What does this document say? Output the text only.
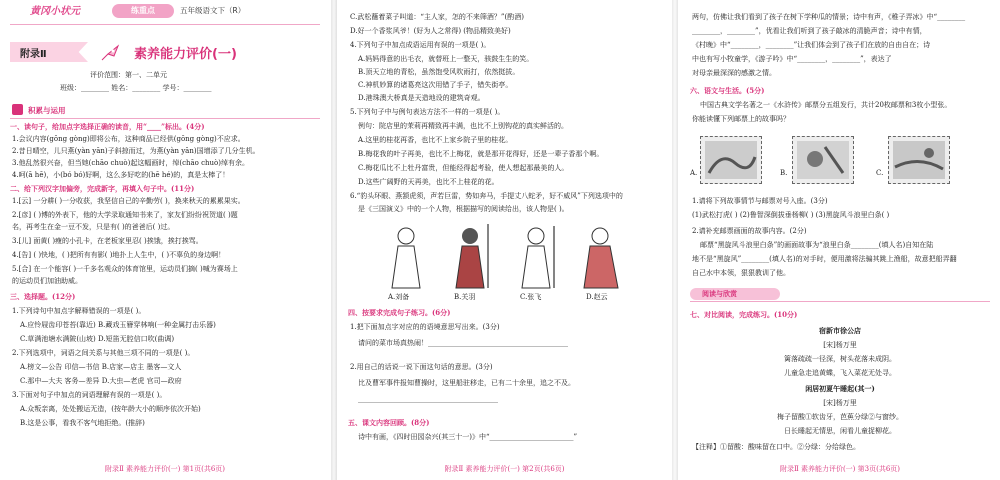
黄冈小状元	练重点	五年级语文下（R）
附录Ⅱ	素养能力评价(一)
评价范围：第一、二单元
班级：________ 姓名：________ 学号：________
积累与运用
一、读句子，给加点字选择正确的读音，用“____”标出。(4分)
1.会议内容(gōng gòng)即将公布，这种商品已经供(gōng gòng)不应求。
2.昔日晴空，儿只燕(yàn yān)子斜掠而过，为燕(yàn yān)国增添了几分生机。
3.他乱然很兴奋，但当她(chāo chuò)起这幅画时，绰(chāo chuò)绰有余。
4.呵(ā hē)，小(bó bó)好啊，这么多好吃的(hē hé)的，真是太棒了！
二、给下列汉字加偏旁，完成新字，再填入句子中。(11分)
1.[云] 一分耕( )一分收获，我坚信自己的辛勤劳( )，换来秋天的累累果实。
2.[彦] ( )博的外表下，他的大学录取通知书来了，家友们纷纷祝贺道( )题
名，再考生在金一豆不发，只是有( )的爸爸后( )过。
3.[儿] 面黄( )瘦的小孔卡，在老板家里忍( )挨饿，挨打挨骂。
4.[告] ( )快地，( )把所有有影( )地扑上人生中，( )不辜负的身边啊！
5.[合] 在一个能容( )一千多名观众的体育馆里，运动员们摘( )喊为赛场上
的运动员们加油助威。
三、选择题。(12分)
1.下列诗句中加点字解释错误的一项是( )。
A.应怜屐齿印苍苔(靠近) B.藏戏玉簪穿林响(一种金属打击乐器)
C.草满池塘水满陂(山坡) D.短笛无腔信口吹(曲调)
2.下列选项中，词语之间关系与其他三项不同的一项是( )。
A.榜文—公告 印信—书信 B.店家—店主 墨客—文人
C.那中—大夫 客务—差异 D.大虫—老虎 官司—政府
3.下面对句子中加点的词语理解有误的一项是( )。
A.众叛亲离，处处搬运无造，(按年龄大小的顺序依次开始)
B.这是公事，看我不客气地拒绝。(推辞)
附录Ⅱ 素养能力评价(一) 第1页(共6页)
C.武松蘸着菜子叫道：“主人家，怎的不来筛酒？”(酌酒)
D.好一个香浆风爷！(好为人之常得) (物品精致美好)
4.下列句子中加点成语运用有误的一项是( )。
A.妈妈得意的出毛衣，就替班上一整天，骇鼓生生的笑。
B.顶天立地的青松，虽然饱受风吹雨打，依然挺拔。
C.神机妙算的诸葛亮这次用错了手子，错失街亭。
D.港珠澳大桥真是天造地设的建筑奇观。
5.下列句子中与例句表达方法不一样的一项是( )。
例句：院店里的茉莉再精致再丰满，也比不上别钩花的真实鲜活的。
A.这里的桂花再香，也比不上家乡院子里的桂花。
B.梅花我的叶子再美，也比不上梅花，就是那开花得好，还是一辈子香那个啊。
C.梅花瓜比不上牡丹富贵，但能经得起考验，使人想起那最美的人。
D.这些广阔野的天再美，也比不上桂花的花。
6.“豹头环眼、燕颔虎须，声若巨雷，势如奔马，手提丈八蛇矛，好不威风”下列选项中的
是《三国演义》中的一个人物，根据描写的阅读给出，该人物是( )。
A.刘备	B.关羽	C.张飞	D.赵云
四、按要求完成句子练习。(6分)
1.把下面加点字对应的的语境意思写出来。(3分)
请问的菜市场真热闹！________________________________________
2.用自己的话说一说下面这句话的意思。(3分)
比及曹军事件报知曹操时，这里船驻移走，已有二十余里，追之不及。
________________________________________
五、课文内容回顾。(8分)
诗中有画，《四时田园杂兴(其三十一)》中“________________________”
附录Ⅱ 素养能力评价(一) 第2页(共6页)
两句，仿佛让我们看到了孩子在树下学种瓜的情景；诗中有声，《稚子弄冰》中“________
________，________”，优看让我们听到了孩子敲冰的清脆声音；诗中有情，
《村晚》中“________，________”让我们体会到了孩子们在放的自由自在；诗
中也有写小牧童学，《游子吟》中“________，________”，表达了
对母亲最深深的感激之情。
六、语文与生活。(5分)
中国古典文学名著之一《水浒传》邮票分五组发行，共计20枚邮票和3枚小型张。
你能读懂下列邮票上的故事吗？
A.	B.	C.
1.请将下列故事情节与邮票对号入座。(3分)
(1)武松打虎( ) (2)鲁智深倒拔垂杨柳( ) (3)黑旋风斗浪里白条( )
2.请补充邮票画面的故事内容。(2分)
邮票“黑旋风斗浪里白条”的画面故事为“浪里白条________(填人名)自知在陆
地不是“黑旋风”________(填人名)的对手时，便用激将法骗其跳上渔船，故意把船弄翻
自己水中本领，狠狠教训了他。
阅读与欣赏
七、对比阅读，完成练习。(10分)
宿新市徐公店
[宋]杨万里
篱落疏疏一径深，树头花落未成阴。
儿童急走追黄蝶，飞入菜花无处寻。
闲居初夏午睡起(其一)
[宋]杨万里
梅子留酸①软齿牙，芭蕉分绿②与窗纱。
日长睡起无情思，闲看儿童捉柳花。
【注释】①留酸：酸味留在口中。②分绿：分给绿色。
附录Ⅱ 素养能力评价(一) 第3页(共6页)
